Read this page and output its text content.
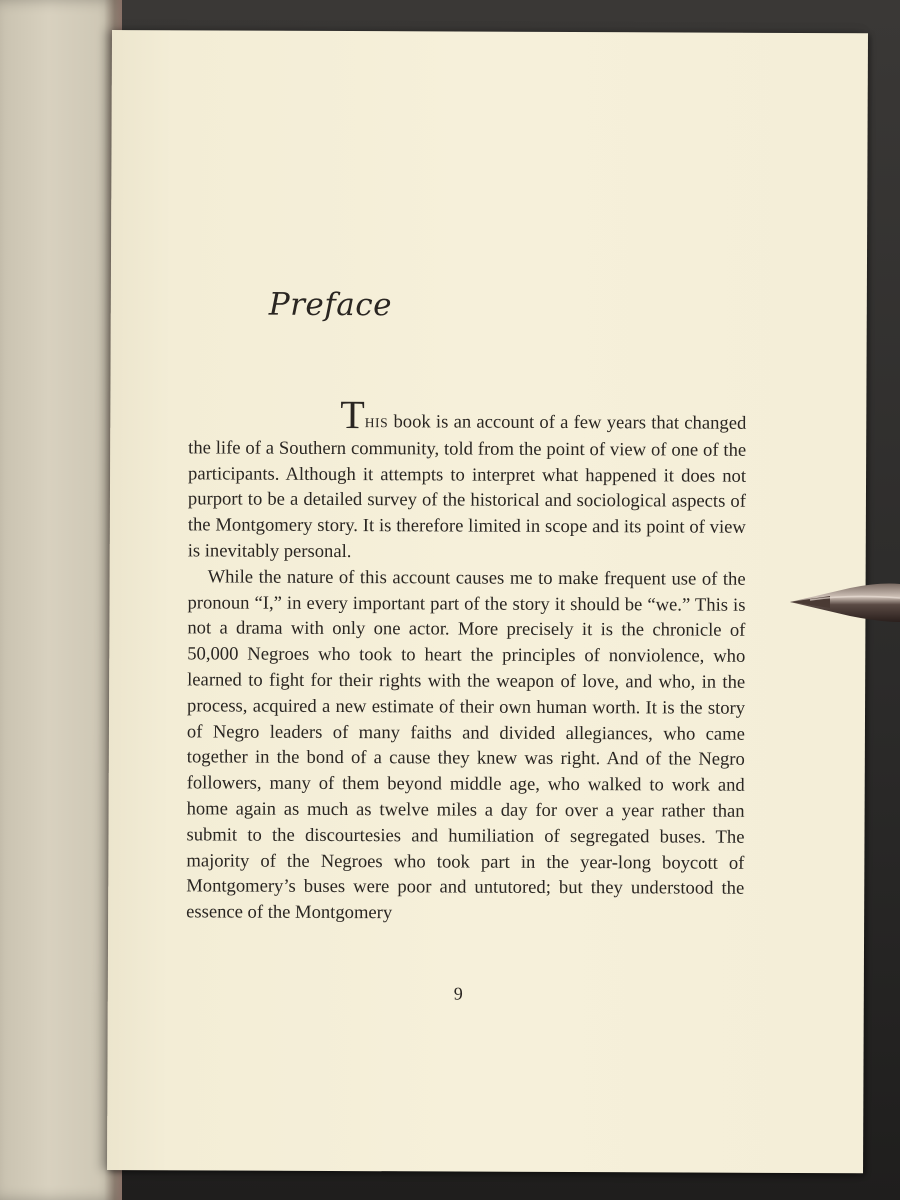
Preface

THIS book is an account of a few years that changed the life of a Southern community, told from the point of view of one of the participants. Although it attempts to interpret what happened it does not purport to be a detailed survey of the historical and sociological aspects of the Montgomery story. It is therefore limited in scope and its point of view is inevitably personal.

While the nature of this account causes me to make frequent use of the pronoun “I,” in every important part of the story it should be “we.” This is not a drama with only one actor. More precisely it is the chronicle of 50,000 Negroes who took to heart the principles of nonviolence, who learned to fight for their rights with the weapon of love, and who, in the process, acquired a new estimate of their own human worth. It is the story of Negro leaders of many faiths and divided allegiances, who came together in the bond of a cause they knew was right. And of the Negro followers, many of them beyond middle age, who walked to work and home again as much as twelve miles a day for over a year rather than submit to the discourtesies and humiliation of segregated buses. The majority of the Negroes who took part in the year-long boycott of Montgomery’s buses were poor and untutored; but they understood the essence of the Montgomery

9
